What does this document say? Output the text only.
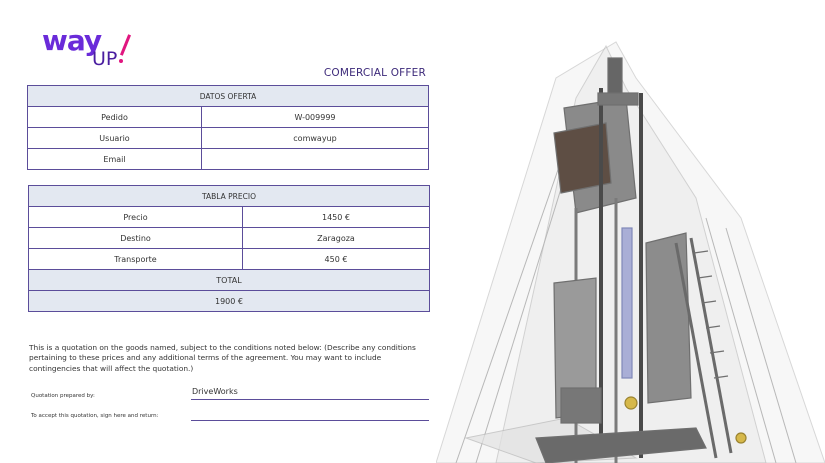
way
UP
COMERCIAL OFFER
DATOS OFERTA	
Pedido	W-009999
Usuario	comwayup
Email	
TABLA PRECIO	
Precio	1450 €
Destino	Zaragoza
Transporte	450 €
TOTAL	
1900 €	

This is a quotation on the goods named, subject to the conditions noted below: (Describe any conditions pertaining to these prices and any additional terms of the agreement. You may want to include contingencies that will affect the quotation.)

Quotation prepared by:	DriveWorks
To accept this quotation, sign here and return:
